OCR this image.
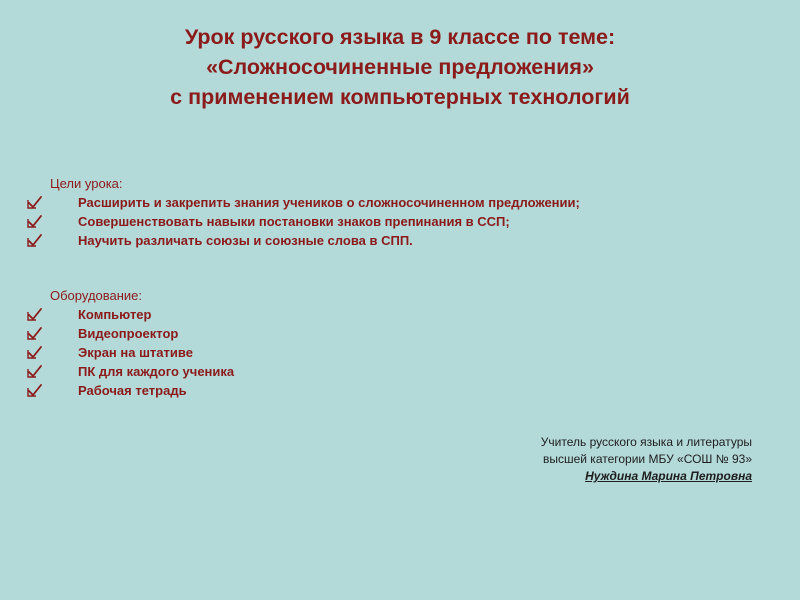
Урок русского языка в 9 классе по теме:
«Сложносочиненные предложения»
с применением компьютерных технологий
Цели урока:
Расширить и закрепить знания учеников о сложносочиненном предложении;
Совершенствовать навыки постановки знаков препинания в ССП;
Научить различать союзы и союзные слова в СПП.
Оборудование:
Компьютер
Видеопроектор
Экран на штативе
ПК для каждого ученика
Рабочая тетрадь
Учитель русского языка и литературы
высшей категории МБУ «СОШ № 93»
Нуждина Марина Петровна
